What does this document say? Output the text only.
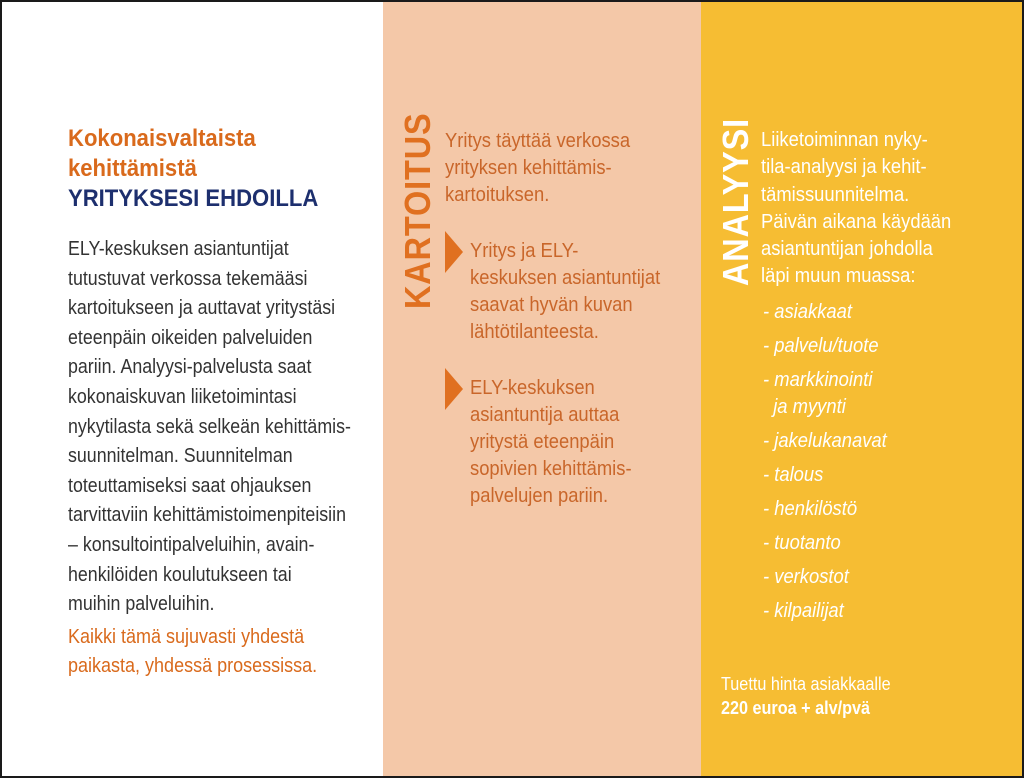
Kokonaisvaltaista
kehittämistä
YRITYKSESI EHDOILLA

ELY-keskuksen asiantuntijat

tutustuvat verkossa tekemääsi

kartoitukseen ja auttavat yritystäsi

eteenpäin oikeiden palveluiden

pariin. Analyysi-palvelusta saat

kokonaiskuvan liiketoimintasi

nykytilasta sekä selkeän kehittämis-

suunnitelman. Suunnitelman

toteuttamiseksi saat ohjauksen

tarvittaviin kehittämistoimenpiteisiin

– konsultointipalveluihin, avain-

henkilöiden koulutukseen tai

muihin palveluihin.

Kaikki tämä sujuvasti yhdestä

paikasta, yhdessä prosessissa.

KARTOITUS Yritys täyttää verkossa

yrityksen kehittämis-

kartoituksen.

Yritys ja ELY-

keskuksen asiantuntijat

saavat hyvän kuvan

lähtötilanteesta.

ELY-keskuksen

asiantuntija auttaa

yritystä eteenpäin

sopivien kehittämis-

palvelujen pariin.

ANALYYSI Liiketoiminnan nyky-

tila-analyysi ja kehit-

tämissuunnitelma.

Päivän aikana käydään

asiantuntijan johdolla

läpi muun muassa:

- asiakkaat
- palvelu/tuote
- markkinointi
ja myynti
- jakelukanavat
- talous
- henkilöstö
- tuotanto
- verkostot
- kilpailijat
Tuettu hinta asiakkaalle
220 euroa + alv/pvä
